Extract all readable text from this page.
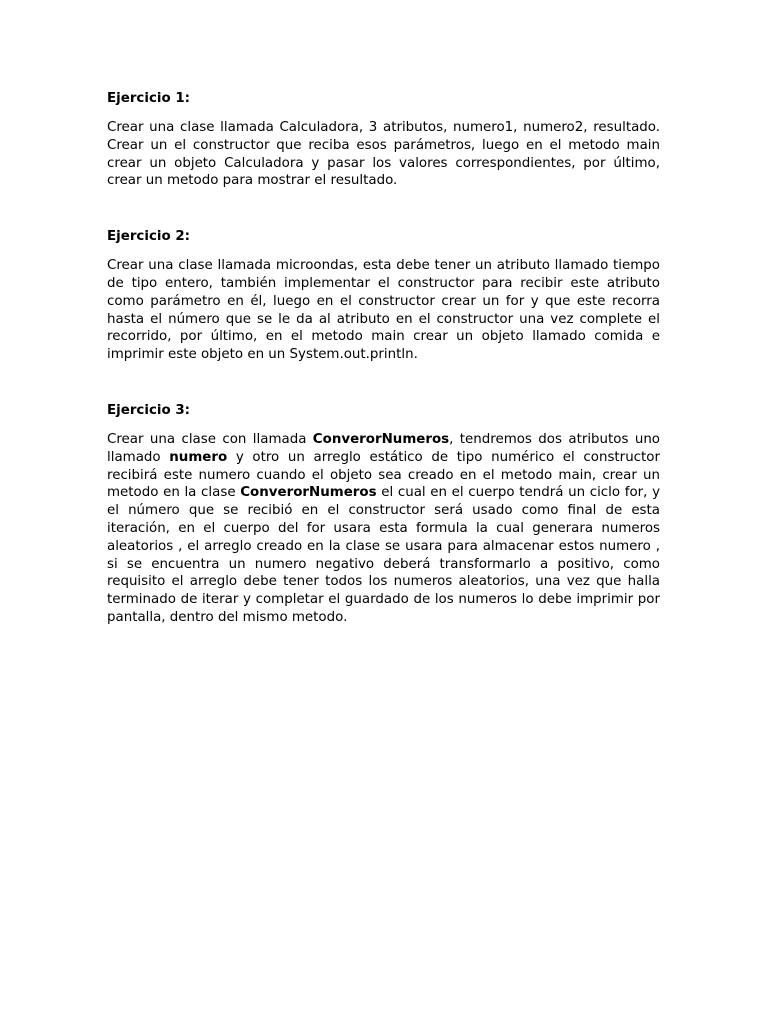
Ejercicio 1:

Crear una clase llamada Calculadora, 3 atributos, numero1, numero2, resultado. Crear un el constructor que reciba esos parámetros, luego en el metodo main crear un objeto Calculadora y pasar los valores correspondientes, por último, crear un metodo para mostrar el resultado.

Ejercicio 2:

Crear una clase llamada microondas, esta debe tener un atributo llamado tiempo de tipo entero, también implementar el constructor para recibir este atributo como parámetro en él, luego en el constructor crear un for y que este recorra hasta el número que se le da al atributo en el constructor una vez complete el recorrido, por último, en el metodo main crear un objeto llamado comida e imprimir este objeto en un System.out.println.

Ejercicio 3:

Crear una clase con llamada ConverorNumeros, tendremos dos atributos uno llamado numero y otro un arreglo estático de tipo numérico el constructor recibirá este numero cuando el objeto sea creado en el metodo main, crear un metodo en la clase ConverorNumeros el cual en el cuerpo tendrá un ciclo for, y el número que se recibió en el constructor será usado como final de esta iteración, en el cuerpo del for usara esta formula la cual generara numeros aleatorios , el arreglo creado en la clase se usara para almacenar estos numero , si se encuentra un numero negativo deberá transformarlo a positivo, como requisito el arreglo debe tener todos los numeros aleatorios, una vez que halla terminado de iterar y completar el guardado de los numeros lo debe imprimir por pantalla, dentro del mismo metodo.
